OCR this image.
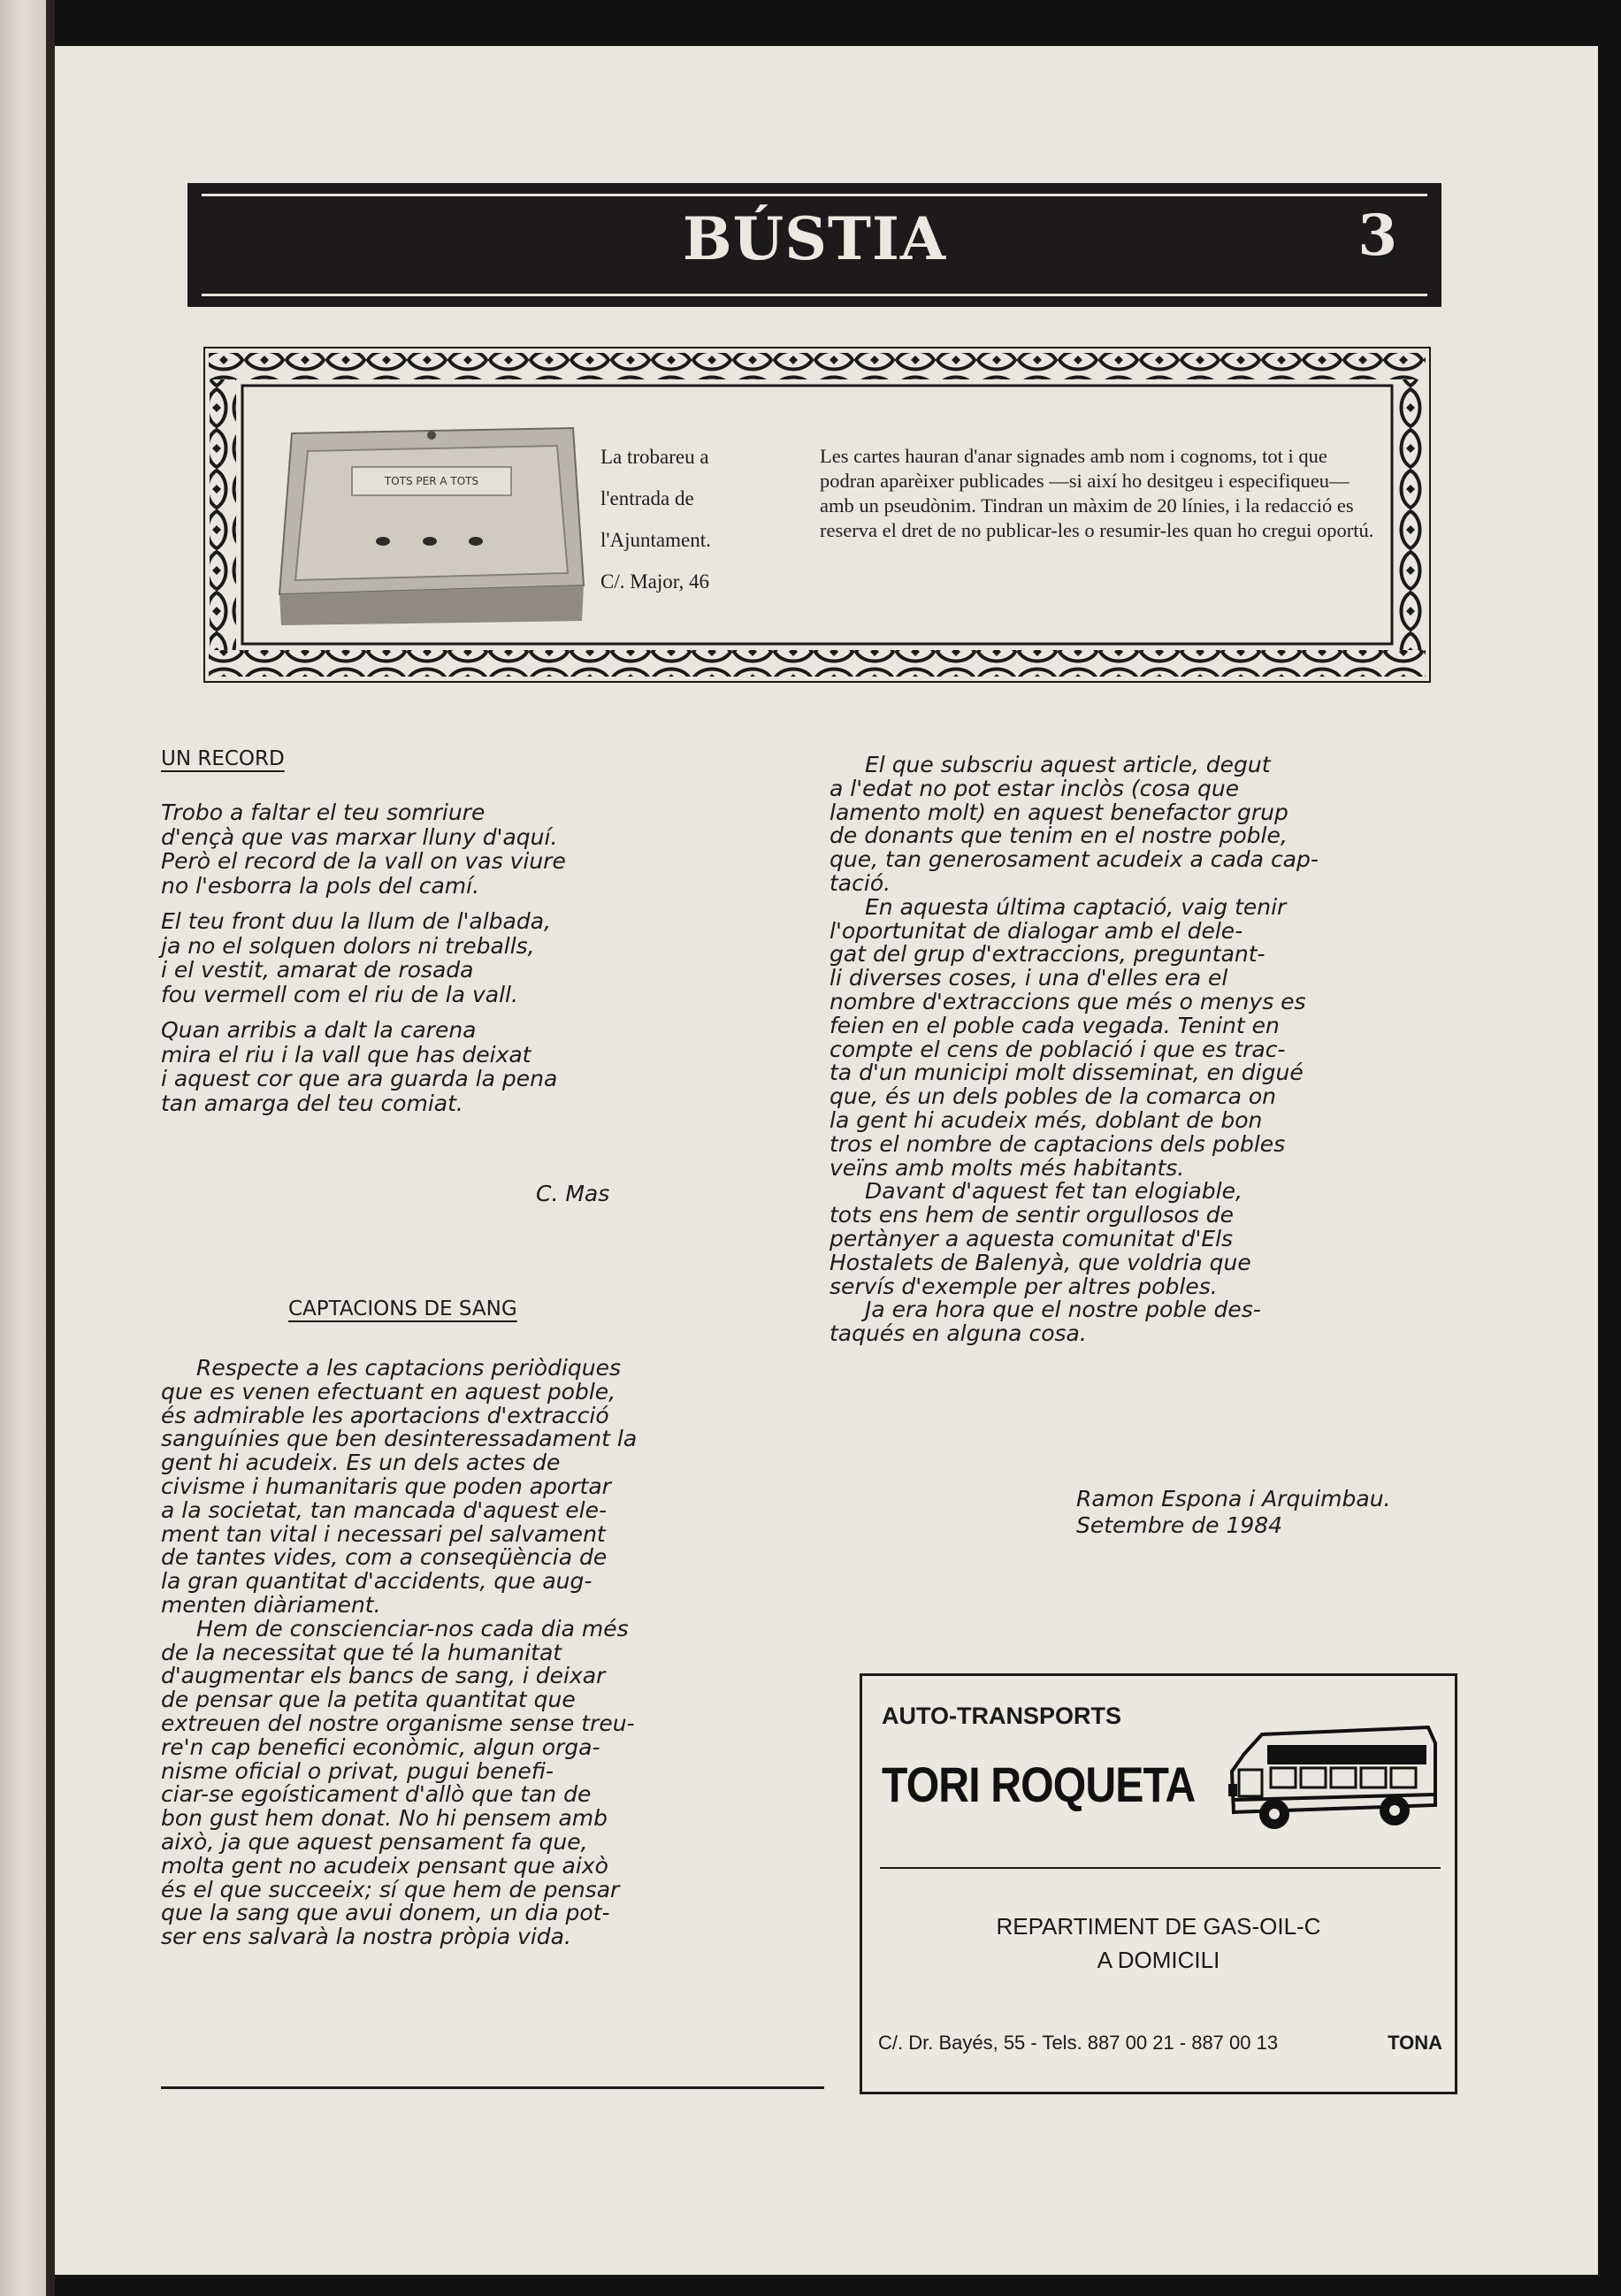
BÚSTIA	3
TOTS PER A TOTS
La trobareu a
l'entrada de
l'Ajuntament.
C/. Major, 46
Les cartes hauran d'anar signades amb nom i cognoms, tot i que podran aparèixer publicades —si així ho desitgeu i especifiqueu— amb un pseudònim. Tindran un màxim de 20 línies, i la redacció es reserva el dret de no publicar-les o resumir-les quan ho cregui oportú.
UN RECORD
Trobo a faltar el teu somriure
d'ençà que vas marxar lluny d'aquí.
Però el record de la vall on vas viure
no l'esborra la pols del camí.
El teu front duu la llum de l'albada,
ja no el solquen dolors ni treballs,
i el vestit, amarat de rosada
fou vermell com el riu de la vall.
Quan arribis a dalt la carena
mira el riu i la vall que has deixat
i aquest cor que ara guarda la pena
tan amarga del teu comiat.
C. Mas
CAPTACIONS DE SANG
Respecte a les captacions periòdiques
que es venen efectuant en aquest poble,
és admirable les aportacions d'extracció
sanguínies que ben desinteressadament la
gent hi acudeix. Es un dels actes de
civisme i humanitaris que poden aportar
a la societat, tan mancada d'aquest ele-
ment tan vital i necessari pel salvament
de tantes vides, com a conseqüència de
la gran quantitat d'accidents, que aug-
menten diàriament.
Hem de conscienciar-nos cada dia més
de la necessitat que té la humanitat
d'augmentar els bancs de sang, i deixar
de pensar que la petita quantitat que
extreuen del nostre organisme sense treu-
re'n cap benefici econòmic, algun orga-
nisme oficial o privat, pugui benefi-
ciar-se egoísticament d'allò que tan de
bon gust hem donat. No hi pensem amb
això, ja que aquest pensament fa que,
molta gent no acudeix pensant que això
és el que succeeix; sí que hem de pensar
que la sang que avui donem, un dia pot-
ser ens salvarà la nostra pròpia vida.
El que subscriu aquest article, degut
a l'edat no pot estar inclòs (cosa que
lamento molt) en aquest benefactor grup
de donants que tenim en el nostre poble,
que, tan generosament acudeix a cada cap-
tació.
En aquesta última captació, vaig tenir
l'oportunitat de dialogar amb el dele-
gat del grup d'extraccions, preguntant-
li diverses coses, i una d'elles era el
nombre d'extraccions que més o menys es
feien en el poble cada vegada. Tenint en
compte el cens de població i que es trac-
ta d'un municipi molt disseminat, en digué
que, és un dels pobles de la comarca on
la gent hi acudeix més, doblant de bon
tros el nombre de captacions dels pobles
veïns amb molts més habitants.
Davant d'aquest fet tan elogiable,
tots ens hem de sentir orgullosos de
pertànyer a aquesta comunitat d'Els
Hostalets de Balenyà, que voldria que
servís d'exemple per altres pobles.
Ja era hora que el nostre poble des-
taqués en alguna cosa.
Ramon Espona i Arquimbau.
Setembre de 1984
AUTO-TRANSPORTS
TORI ROQUETA
REPARTIMENT DE GAS-OIL-C
A DOMICILI
C/. Dr. Bayés, 55 - Tels. 887 00 21 - 887 00 13	TONA
